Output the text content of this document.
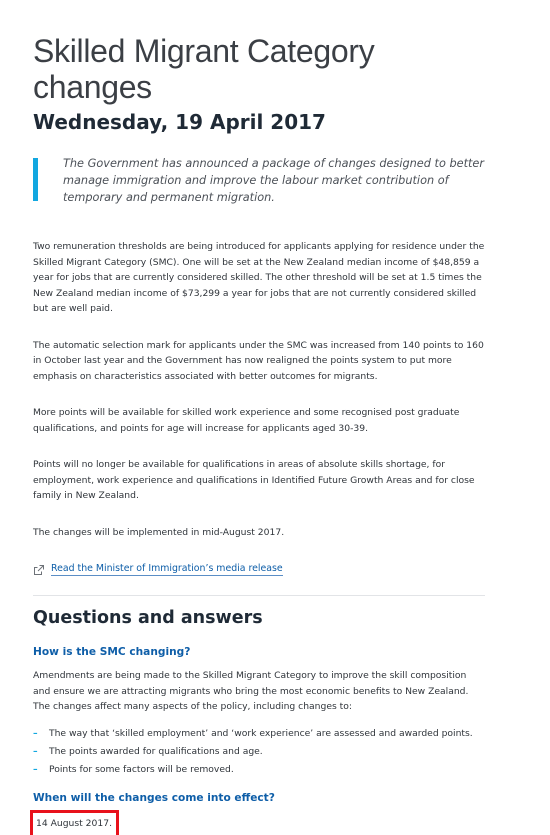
Skilled Migrant Category changes
Wednesday, 19 April 2017
The Government has announced a package of changes designed to better manage immigration and improve the labour market contribution of temporary and permanent migration.

Two remuneration thresholds are being introduced for applicants applying for residence under the Skilled Migrant Category (SMC). One will be set at the New Zealand median income of $48,859 a year for jobs that are currently considered skilled. The other threshold will be set at 1.5 times the New Zealand median income of $73,299 a year for jobs that are not currently considered skilled but are well paid.

The automatic selection mark for applicants under the SMC was increased from 140 points to 160 in October last year and the Government has now realigned the points system to put more emphasis on characteristics associated with better outcomes for migrants.

More points will be available for skilled work experience and some recognised post graduate qualifications, and points for age will increase for applicants aged 30-39.

Points will no longer be available for qualifications in areas of absolute skills shortage, for employment, work experience and qualifications in Identified Future Growth Areas and for close family in New Zealand.

The changes will be implemented in mid-August 2017.

Read the Minister of Immigration’s media release
Questions and answers
How is the SMC changing?

Amendments are being made to the Skilled Migrant Category to improve the skill composition and ensure we are attracting migrants who bring the most economic benefits to New Zealand. The changes affect many aspects of the policy, including changes to:

– The way that ‘skilled employment’ and ‘work experience’ are assessed and awarded points.
– The points awarded for qualifications and age.
– Points for some factors will be removed.
When will the changes come into effect?
14 August 2017.
